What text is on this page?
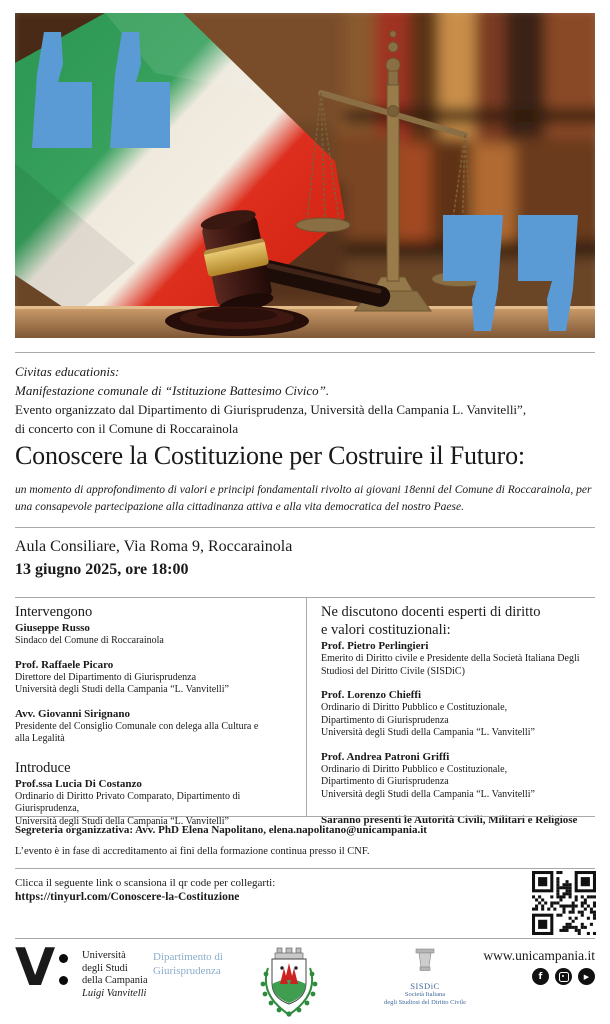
Civitas educationis:
Manifestazione comunale di “Istituzione Battesimo Civico”.
Evento organizzato dal Dipartimento di Giurisprudenza, Università della Campania L. Vanvitelli”,
di concerto con il Comune di Roccarainola
Conoscere la Costituzione per Costruire il Futuro:
un momento di approfondimento di valori e principi fondamentali rivolto ai giovani 18enni del Comune di Roccarainola, per una consapevole partecipazione alla cittadinanza attiva e alla vita democratica del nostro Paese.
Aula Consiliare, Via Roma 9, Roccarainola
13 giugno 2025, ore 18:00
Intervengono
Giuseppe Russo
Sindaco del Comune di Roccarainola
Prof. Raffaele Picaro
Direttore del Dipartimento di Giurisprudenza
Università degli Studi della Campania “L. Vanvitelli”
Avv. Giovanni Sirignano
Presidente del Consiglio Comunale con delega alla Cultura e
alla Legalità
Introduce
Prof.ssa Lucia Di Costanzo
Ordinario di Diritto Privato Comparato, Dipartimento di Giurisprudenza,
Università degli Studi della Campania “L. Vanvitelli”
Ne discutono docenti esperti di diritto
e valori costituzionali:
Prof. Pietro Perlingieri
Emerito di Diritto civile e Presidente della Società Italiana Degli
Studiosi del Diritto Civile (SISDiC)
Prof. Lorenzo Chieffi
Ordinario di Diritto Pubblico e Costituzionale,
Dipartimento di Giurisprudenza
Università degli Studi della Campania “L. Vanvitelli”
Prof. Andrea Patroni Griffi
Ordinario di Diritto Pubblico e Costituzionale,
Dipartimento di Giurisprudenza
Università degli Studi della Campania “L. Vanvitelli”
Saranno presenti le Autorità Civili, Militari e Religiose
Segreteria organizzativa: Avv. PhD Elena Napolitano, elena.napolitano@unicampania.it
L’evento è in fase di accreditamento ai fini della formazione continua presso il CNF.
Clicca il seguente link o scansiona il qr code per collegarti:
https://tinyurl.com/Conoscere-la-Costituzione
V	Università
degli Studi
della Campania
Luigi Vanvitelli
Dipartimento di
Giurisprudenza
SISDiC
Società Italiana
degli Studiosi del Diritto Civile
www.unicampania.it
f	▶
